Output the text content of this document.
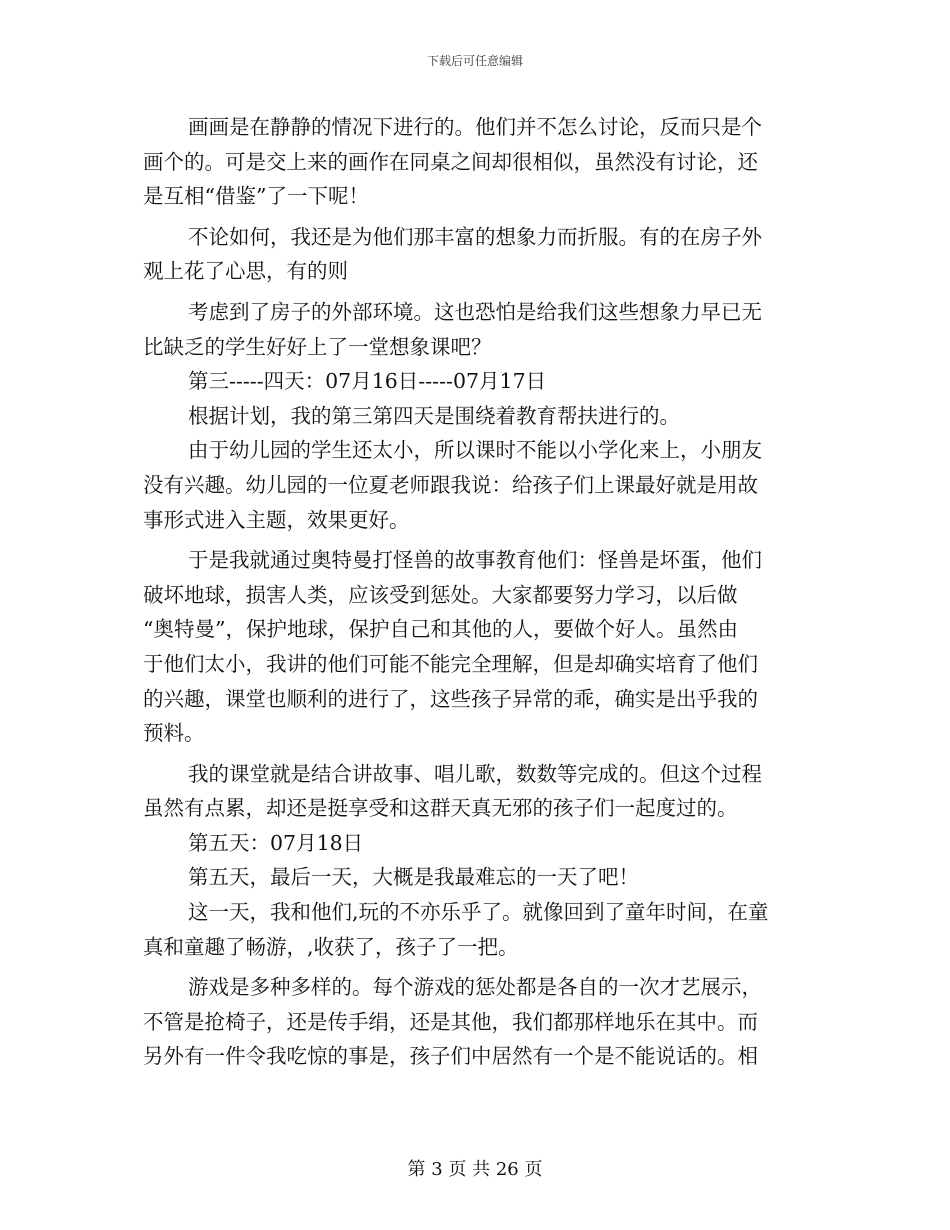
下载后可任意编辑
画画是在静静的情况下进行的。他们并不怎么讨论，反而只是个
画个的。可是交上来的画作在同桌之间却很相似，虽然没有讨论，还
是互相“借鉴”了一下呢！
不论如何，我还是为他们那丰富的想象力而折服。有的在房子外
观上花了心思，有的则
考虑到了房子的外部环境。这也恐怕是给我们这些想象力早已无
比缺乏的学生好好上了一堂想象课吧？
第三-----四天：07月16日-----07月17日
根据计划，我的第三第四天是围绕着教育帮扶进行的。
由于幼儿园的学生还太小，所以课时不能以小学化来上，小朋友
没有兴趣。幼儿园的一位夏老师跟我说：给孩子们上课最好就是用故
事形式进入主题，效果更好。
于是我就通过奥特曼打怪兽的故事教育他们：怪兽是坏蛋，他们
破坏地球，损害人类，应该受到惩处。大家都要努力学习，以后做
“奥特曼”，保护地球，保护自己和其他的人，要做个好人。虽然由
于他们太小，我讲的他们可能不能完全理解，但是却确实培育了他们
的兴趣，课堂也顺利的进行了，这些孩子异常的乖，确实是出乎我的
预料。
我的课堂就是结合讲故事、唱儿歌，数数等完成的。但这个过程
虽然有点累，却还是挺享受和这群天真无邪的孩子们一起度过的。
第五天：07月18日
第五天，最后一天，大概是我最难忘的一天了吧！
这一天，我和他们,玩的不亦乐乎了。就像回到了童年时间，在童
真和童趣了畅游，,收获了，孩子了一把。
游戏是多种多样的。每个游戏的惩处都是各自的一次才艺展示，
不管是抢椅子，还是传手绢，还是其他，我们都那样地乐在其中。而
另外有一件令我吃惊的事是，孩子们中居然有一个是不能说话的。相
第 3 页 共 26 页
